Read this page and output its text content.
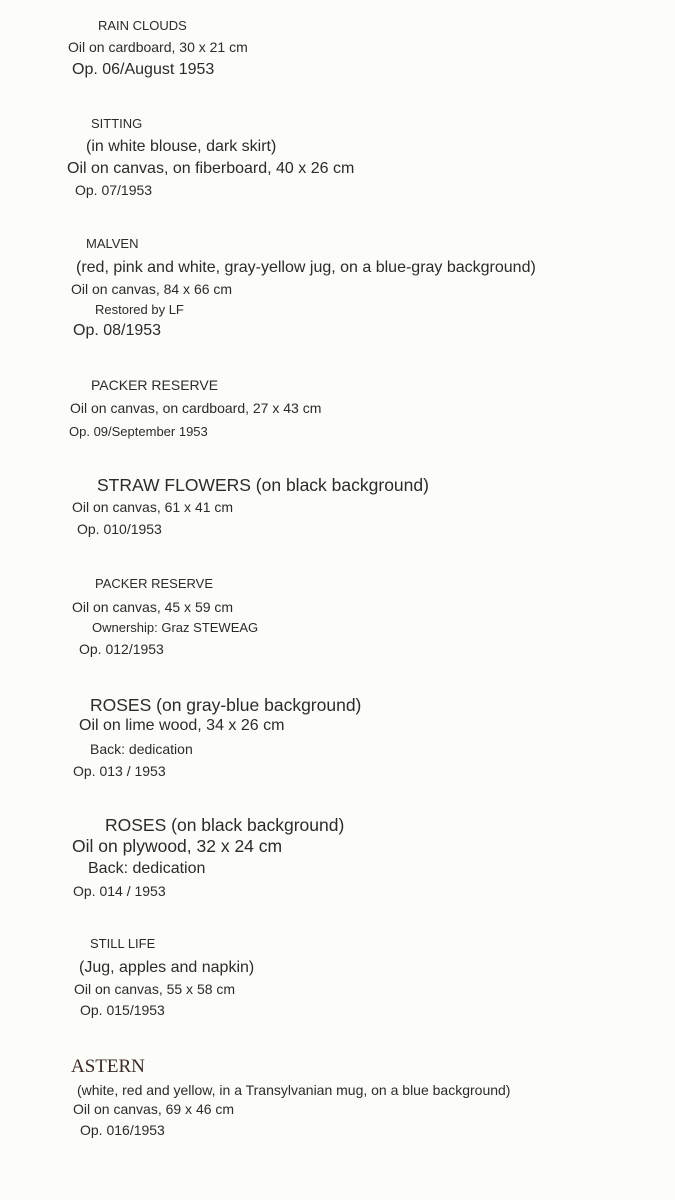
RAIN CLOUDS
Oil on cardboard, 30 x 21 cm
Op. 06/August 1953
SITTING
(in white blouse, dark skirt)
Oil on canvas, on fiberboard, 40 x 26 cm
Op. 07/1953
MALVEN
(red, pink and white, gray-yellow jug, on a blue-gray background)
Oil on canvas, 84 x 66 cm
Restored by LF
Op. 08/1953
PACKER RESERVE
Oil on canvas, on cardboard, 27 x 43 cm
Op. 09/September 1953
STRAW FLOWERS (on black background)
Oil on canvas, 61 x 41 cm
Op. 010/1953
PACKER RESERVE
Oil on canvas, 45 x 59 cm
Ownership: Graz STEWEAG
Op. 012/1953
ROSES (on gray-blue background)
Oil on lime wood, 34 x 26 cm
Back: dedication
Op. 013 / 1953
ROSES (on black background)
Oil on plywood, 32 x 24 cm
Back: dedication
Op. 014 / 1953
STILL LIFE
(Jug, apples and napkin)
Oil on canvas, 55 x 58 cm
Op. 015/1953
ASTERN
(white, red and yellow, in a Transylvanian mug, on a blue background)
Oil on canvas, 69 x 46 cm
Op. 016/1953
